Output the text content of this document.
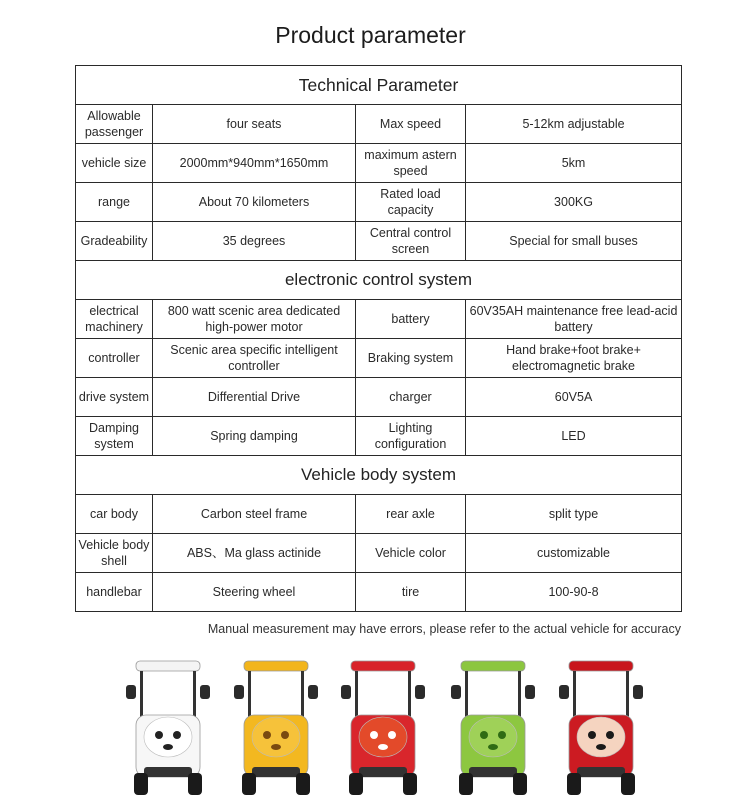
Product parameter
Technical Parameter			
Allowable passenger	four seats	Max speed	5-12km adjustable
vehicle size	2000mm*940mm*1650mm	maximum astern speed	5km
range	About 70 kilometers	Rated load capacity	300KG
Gradeability	35 degrees	Central control screen	Special for small buses
electronic control system			
electrical machinery	800 watt scenic area dedicated high-power motor	battery	60V35AH maintenance free lead-acid battery
controller	Scenic area specific intelligent controller	Braking system	Hand brake+foot brake+ electromagnetic brake
drive system	Differential Drive	charger	60V5A
Damping system	Spring damping	Lighting configuration	LED
Vehicle body system			
car body	Carbon steel frame	rear axle	split type
Vehicle body shell	ABS、Ma glass actinide	Vehicle color	customizable
handlebar	Steering wheel	tire	100-90-8
Manual measurement may have errors, please refer to the actual vehicle for accuracy
